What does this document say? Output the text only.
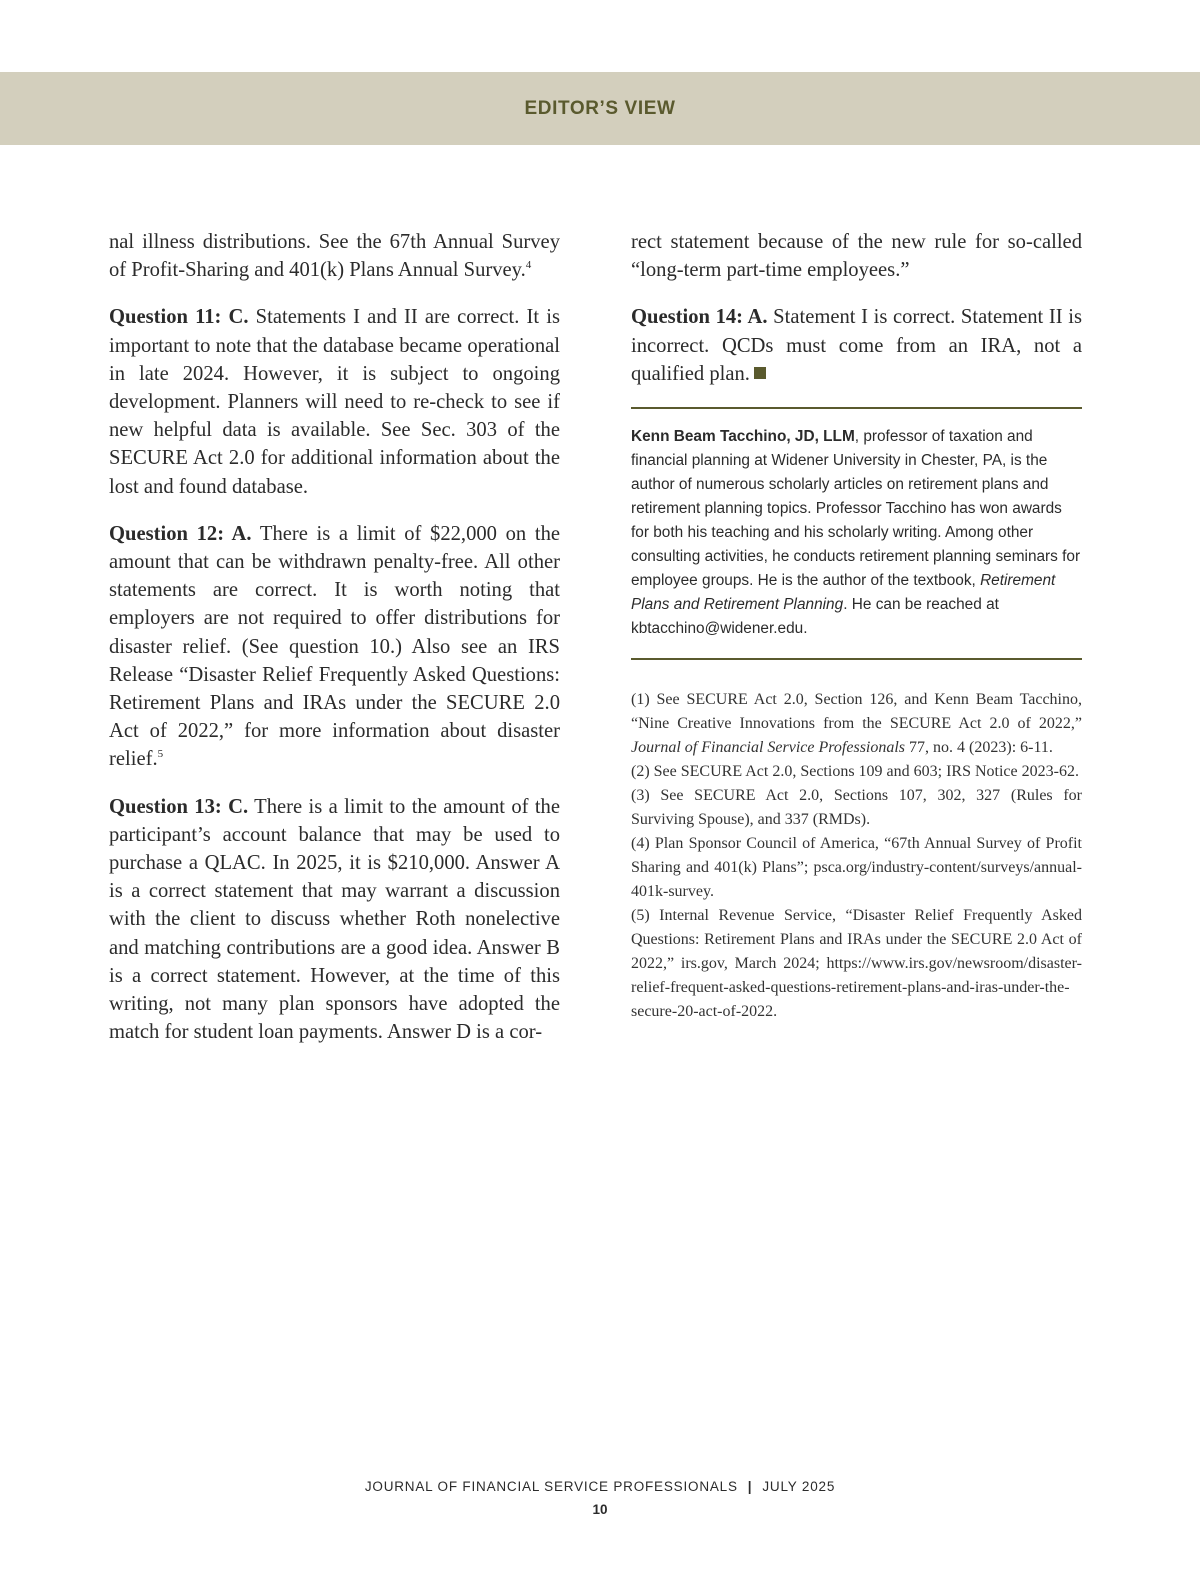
EDITOR’S VIEW

nal illness distributions. See the 67th Annual Survey of Profit-Sharing and 401(k) Plans Annual Survey.$^4$

Question 11: C. Statements I and II are correct. It is important to note that the database became operational in late 2024. However, it is subject to ongoing development. Planners will need to re-check to see if new helpful data is available. See Sec. 303 of the SECURE Act 2.0 for additional information about the lost and found database.

Question 12: A. There is a limit of $22,000 on the amount that can be withdrawn penalty-free. All other statements are correct. It is worth noting that employers are not required to offer distributions for disaster relief. (See question 10.) Also see an IRS Release “Disaster Relief Frequently Asked Questions: Retirement Plans and IRAs under the SECURE 2.0 Act of 2022,” for more information about disaster relief.$^5$

Question 13: C. There is a limit to the amount of the participant’s account balance that may be used to purchase a QLAC. In 2025, it is $210,000. Answer A is a correct statement that may warrant a discussion with the client to discuss whether Roth nonelective and matching contributions are a good idea. Answer B is a correct statement. However, at the time of this writing, not many plan sponsors have adopted the match for student loan payments. Answer D is a cor-

rect statement because of the new rule for so-called “long-term part-time employees.”

Question 14: A. Statement I is correct. Statement II is incorrect. QCDs must come from an IRA, not a qualified plan.

Kenn Beam Tacchino, JD, LLM, professor of taxation and financial planning at Widener University in Chester, PA, is the author of numerous scholarly articles on retirement plans and retirement planning topics. Professor Tacchino has won awards for both his teaching and his scholarly writing. Among other consulting activities, he conducts retirement planning seminars for employee groups. He is the author of the textbook, Retirement Plans and Retirement Planning. He can be reached at kbtacchino@widener.edu.

(1) See SECURE Act 2.0, Section 126, and Kenn Beam Tacchino, “Nine Creative Innovations from the SECURE Act 2.0 of 2022,” Journal of Financial Service Professionals 77, no. 4 (2023): 6-11.

(2) See SECURE Act 2.0, Sections 109 and 603; IRS Notice 2023-62.

(3) See SECURE Act 2.0, Sections 107, 302, 327 (Rules for Surviving Spouse), and 337 (RMDs).

(4) Plan Sponsor Council of America, “67th Annual Survey of Profit Sharing and 401(k) Plans”; psca.org/industry-content/surveys/annual-401k-survey.

(5) Internal Revenue Service, “Disaster Relief Frequently Asked Questions: Retirement Plans and IRAs under the SECURE 2.0 Act of 2022,” irs.gov, March 2024; https://www.irs.gov/newsroom/disaster-relief-frequent-asked-questions-retirement-plans-and-iras-under-the-secure-20-act-of-2022.

JOURNAL OF FINANCIAL SERVICE PROFESSIONALS | JULY 2025
10
